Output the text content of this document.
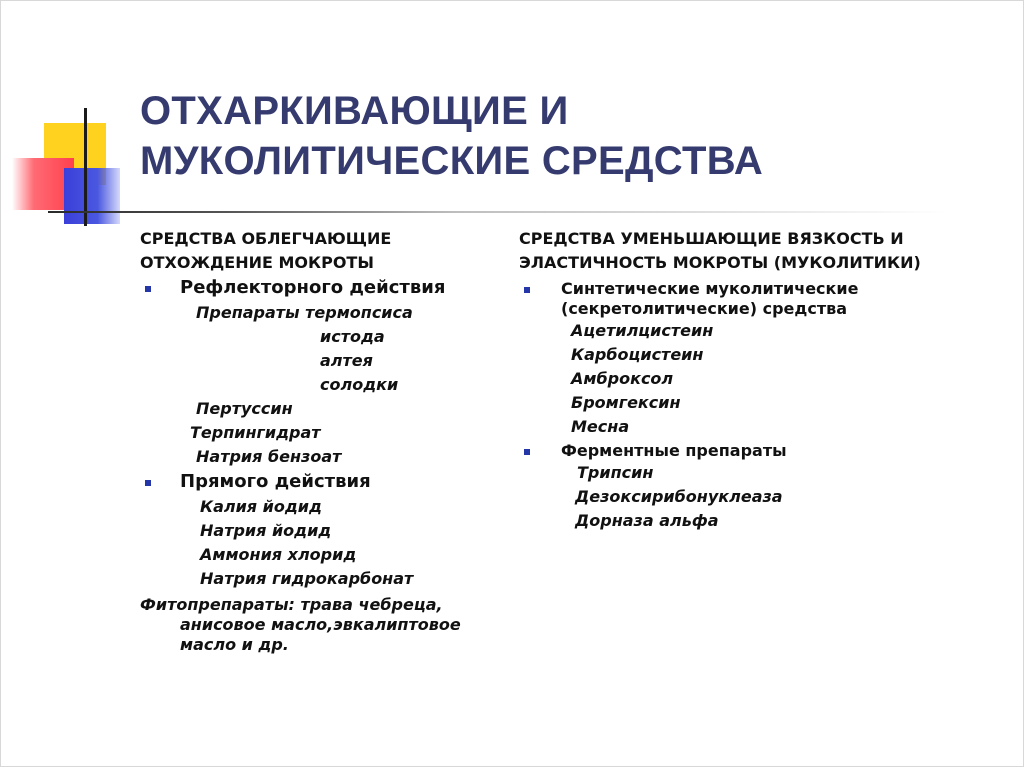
ОТХАРКИВАЮЩИЕ И
МУКОЛИТИЧЕСКИЕ СРЕДСТВА
СРЕДСТВА ОБЛЕГЧАЮЩИЕ
ОТХОЖДЕНИЕ МОКРОТЫ
Рефлекторного действия
Препараты термопсиса
истода
алтея
солодки
Пертуссин
Терпингидрат
Натрия бензоат
Прямого действия
Калия йодид
Натрия йодид
Аммония хлорид
Натрия гидрокарбонат
Фитопрепараты: трава чебреца,
анисовое масло,эвкалиптовое
масло и др.
СРЕДСТВА УМЕНЬШАЮЩИЕ ВЯЗКОСТЬ И
ЭЛАСТИЧНОСТЬ МОКРОТЫ (МУКОЛИТИКИ)
Синтетические муколитические
(секретолитические) средства
Ацетилцистеин
Карбоцистеин
Амброксол
Бромгексин
Месна
Ферментные препараты
Трипсин
Дезоксирибонуклеаза
Дорназа альфа
